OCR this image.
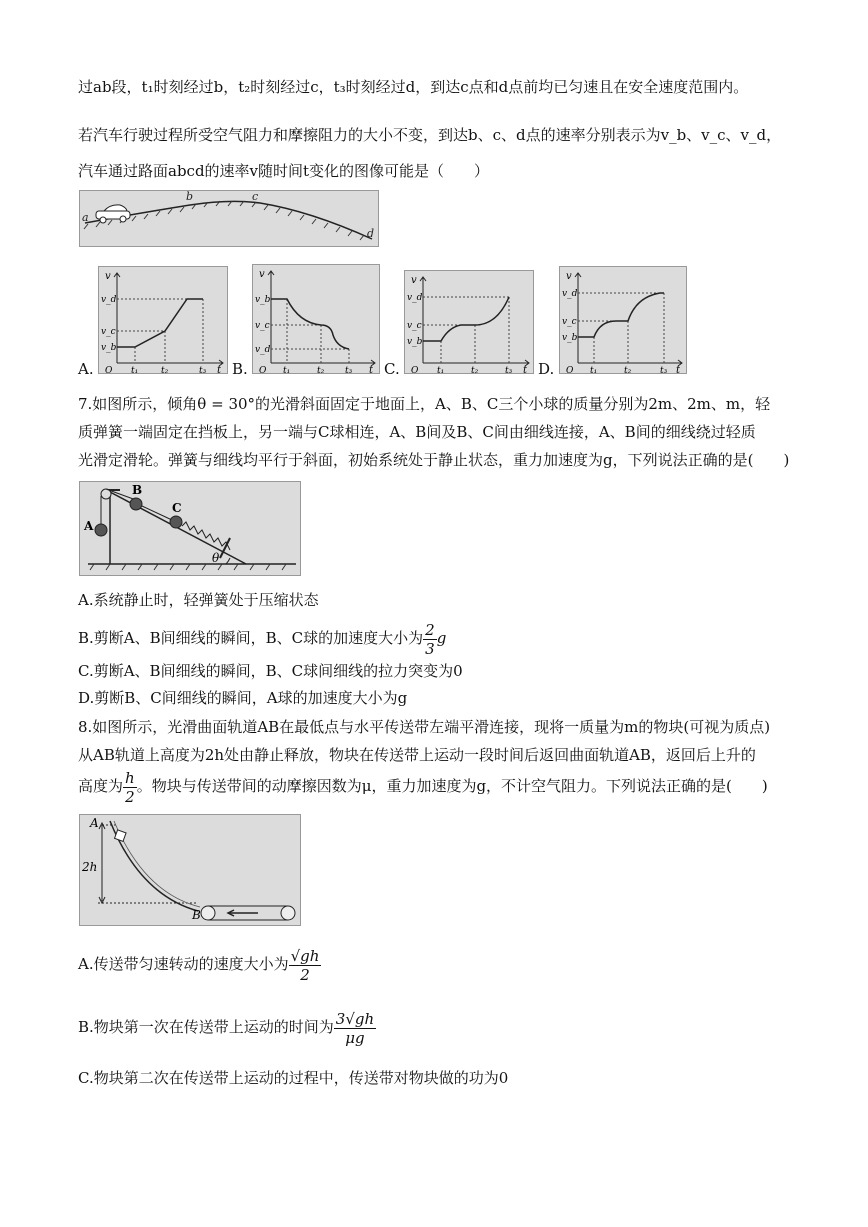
过ab段，t₁时刻经过b，t₂时刻经过c，t₃时刻经过d，到达c点和d点前均已匀速且在安全速度范围内。
若汽车行驶过程所受空气阻力和摩擦阻力的大小不变，到达b、c、d点的速率分别表示为v_b、v_c、v_d，
汽车通过路面abcd的速率v随时间t变化的图像可能是（　　）
a
b	c
d
v
t
O
v_d
v_c
v_b
t₁	t₂	t₃
A.
v
t
O
v_b
v_c
v_d
t₁	t₂ t₃
B.
v
t
O
v_d
v_c
v_b
t₁	t₂	t₃
C.
v
t
O
v_d
v_c
v_b
t₁	t₂	t₃
D.
7.如图所示，倾角θ = 30°的光滑斜面固定于地面上，A、B、C三个小球的质量分别为2m、2m、m，轻
质弹簧一端固定在挡板上，另一端与C球相连，A、B间及B、C间由细线连接，A、B间的细线绕过轻质
光滑定滑轮。弹簧与细线均平行于斜面，初始系统处于静止状态，重力加速度为g，下列说法正确的是(　　)
A
B
C
θ
A.系统静止时，轻弹簧处于压缩状态
B.剪断A、B间细线的瞬间，B、C球的加速度大小为 $\frac{2}{3}$ g
C.剪断A、B间细线的瞬间，B、C球间细线的拉力突变为0
D.剪断B、C间细线的瞬间，A球的加速度大小为g
8.如图所示，光滑曲面轨道AB在最低点与水平传送带左端平滑连接，现将一质量为m的物块(可视为质点)
从AB轨道上高度为2h处由静止释放，物块在传送带上运动一段时间后返回曲面轨道AB，返回后上升的
高度为 $\frac{h}{2}$ 。物块与传送带间的动摩擦因数为μ，重力加速度为g，不计空气阻力。下列说法正确的是(　　)
A
B
2h
A.传送带匀速转动的速度大小为 $\frac{√gh}{2}$
B.物块第一次在传送带上运动的时间为 $\frac{3√gh}{\mu g}$
C.物块第二次在传送带上运动的过程中，传送带对物块做的功为0
